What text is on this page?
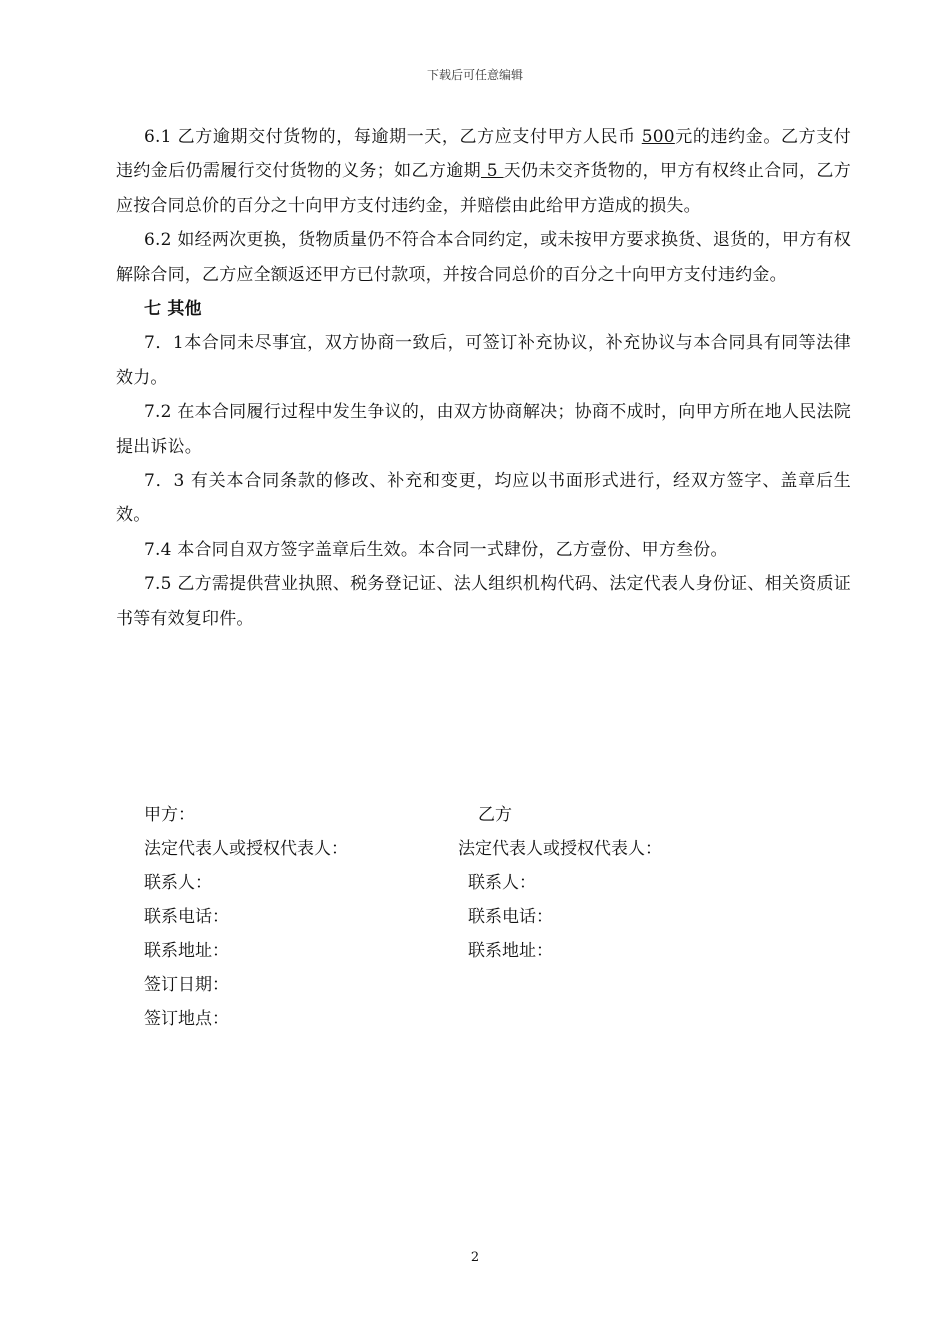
下载后可任意编辑

6.1 乙方逾期交付货物的，每逾期一天，乙方应支付甲方人民币 500元的违约金。乙方支付违约金后仍需履行交付货物的义务；如乙方逾期 5 天仍未交齐货物的，甲方有权终止合同，乙方应按合同总价的百分之十向甲方支付违约金，并赔偿由此给甲方造成的损失。

6.2 如经两次更换，货物质量仍不符合本合同约定，或未按甲方要求换货、退货的，甲方有权解除合同，乙方应全额返还甲方已付款项，并按合同总价的百分之十向甲方支付违约金。

七 其他

7．1本合同未尽事宜，双方协商一致后，可签订补充协议，补充协议与本合同具有同等法律效力。

7.2 在本合同履行过程中发生争议的，由双方协商解决；协商不成时，向甲方所在地人民法院提出诉讼。

7．3 有关本合同条款的修改、补充和变更，均应以书面形式进行，经双方签字、盖章后生效。

7.4 本合同自双方签字盖章后生效。本合同一式肆份，乙方壹份、甲方叁份。

7.5 乙方需提供营业执照、税务登记证、法人组织机构代码、法定代表人身份证、相关资质证书等有效复印件。

甲方：	乙方
法定代表人或授权代表人：	法定代表人或授权代表人：
联系人：	联系人：
联系电话：	联系电话：
联系地址：	联系地址：
签订日期：
签订地点：
2
